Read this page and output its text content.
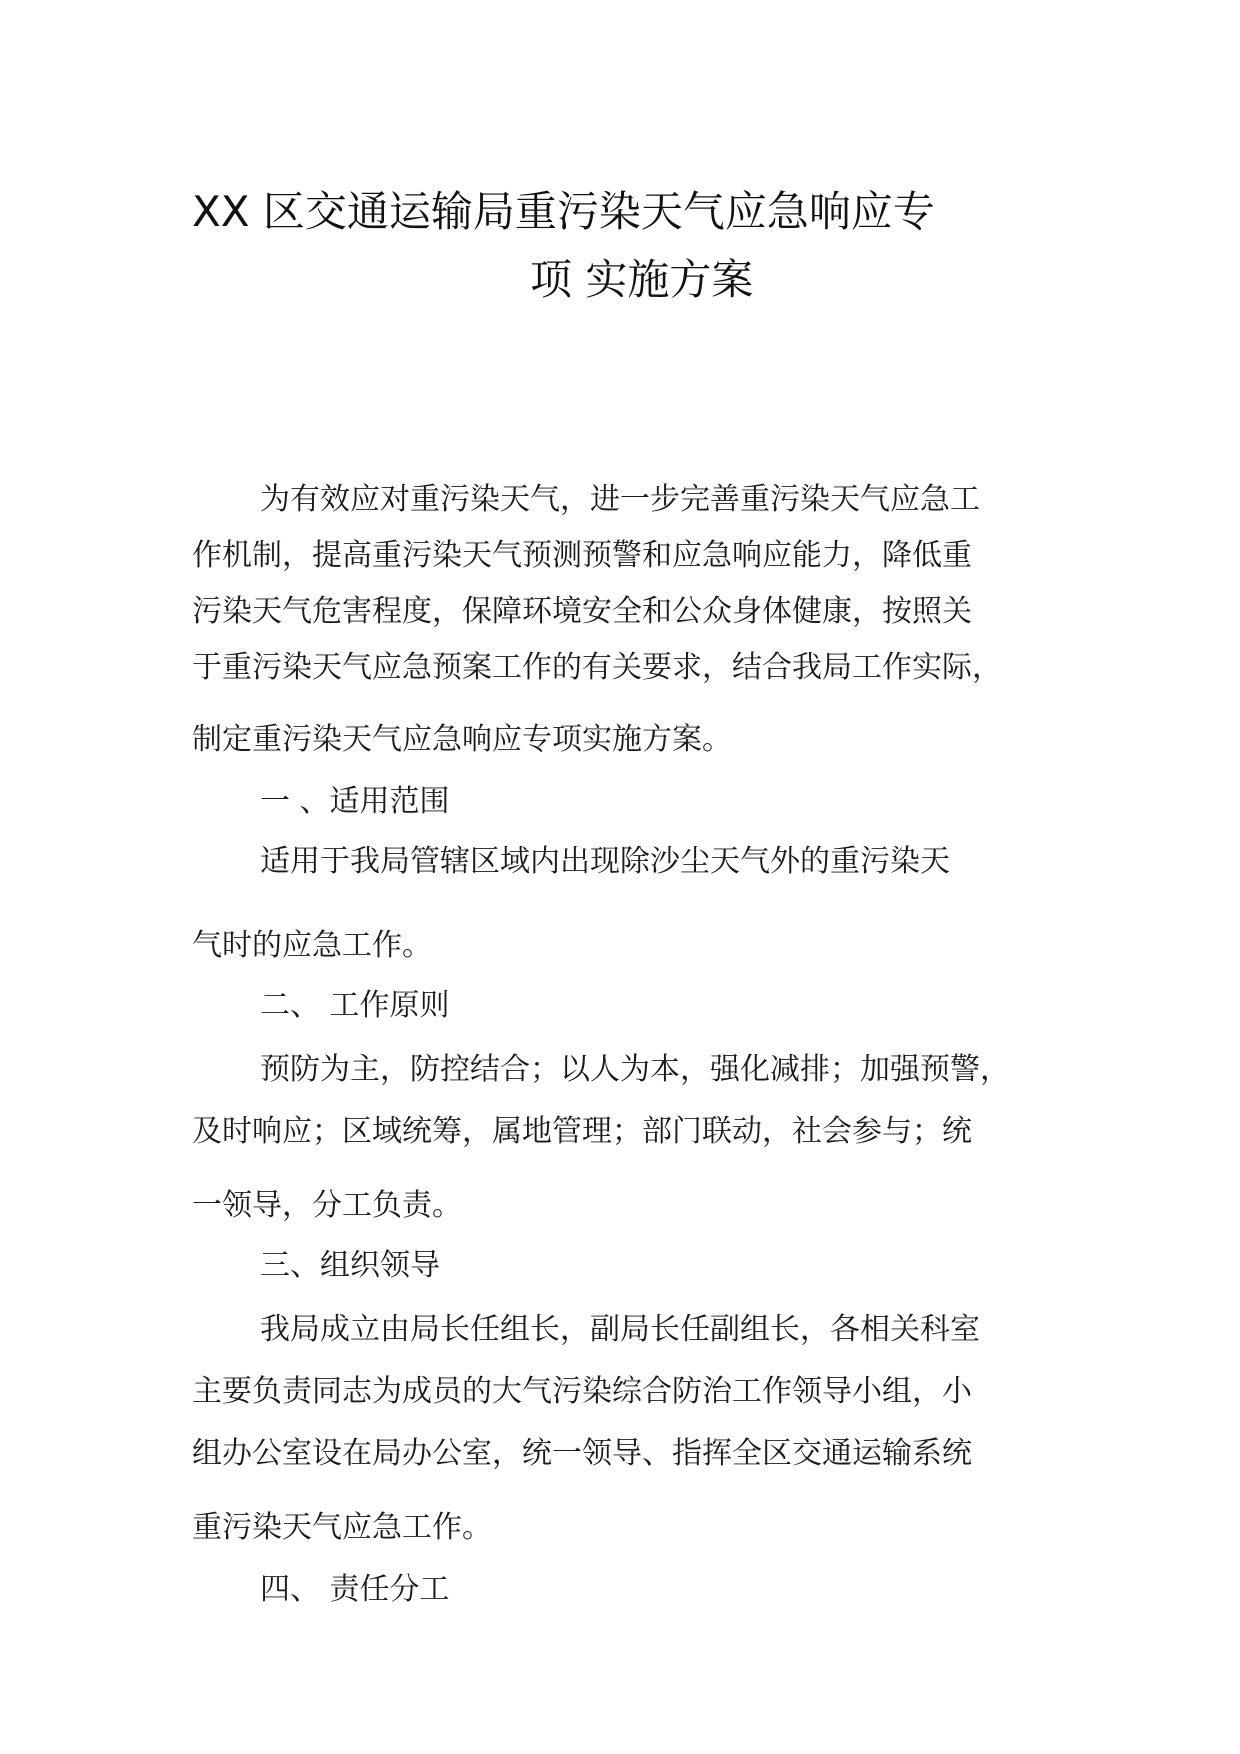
XX 区交通运输局重污染天气应急响应专
项 实施方案
为有效应对重污染天气，进一步完善重污染天气应急工
作机制，提高重污染天气预测预警和应急响应能力，降低重
污染天气危害程度，保障环境安全和公众身体健康，按照关
于重污染天气应急预案工作的有关要求，结合我局工作实际，
制定重污染天气应急响应专项实施方案。
一 、适用范围
适用于我局管辖区域内出现除沙尘天气外的重污染天
气时的应急工作。
二、 工作原则
预防为主，防控结合；以人为本，强化减排；加强预警，
及时响应；区域统筹，属地管理；部门联动，社会参与；统
一领导，分工负责。
三、组织领导
我局成立由局长任组长，副局长任副组长，各相关科室
主要负责同志为成员的大气污染综合防治工作领导小组，小
组办公室设在局办公室，统一领导、指挥全区交通运输系统
重污染天气应急工作。
四、 责任分工
